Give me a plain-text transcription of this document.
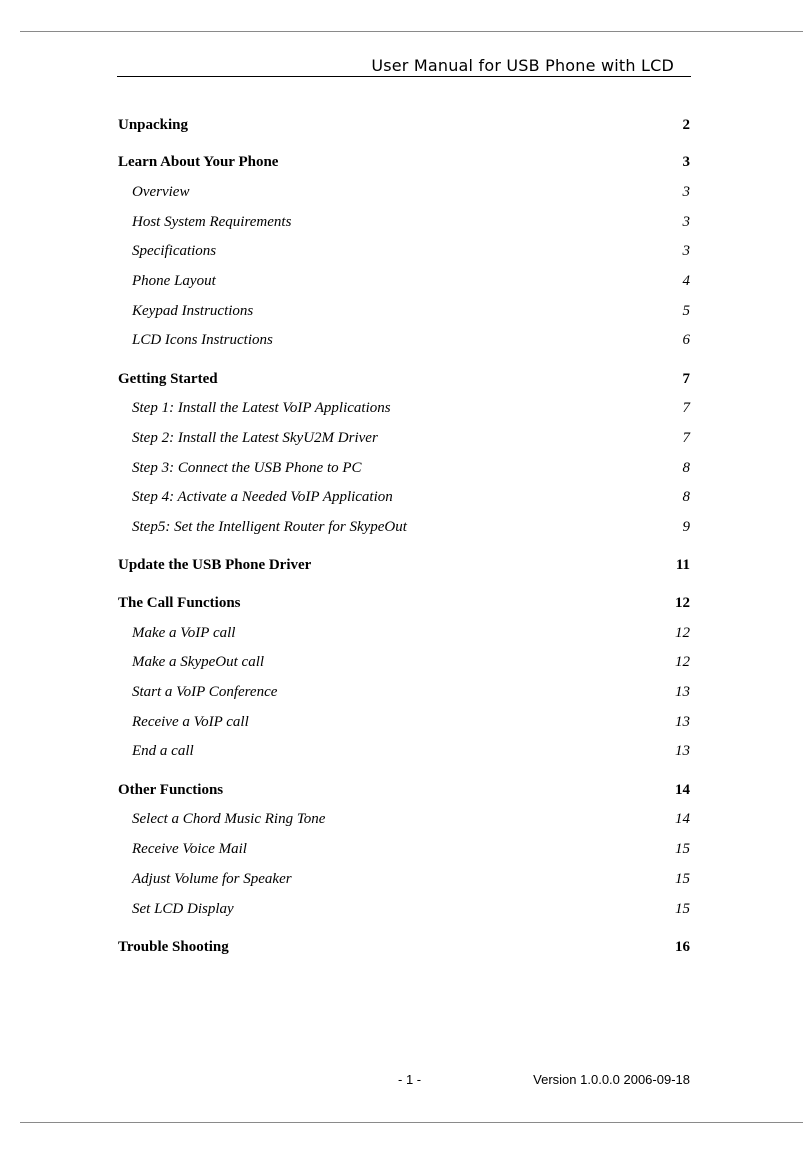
User Manual for USB Phone with LCD
Unpacking	2
Learn About Your Phone	3
Overview	3
Host System Requirements	3
Specifications	3
Phone Layout	4
Keypad Instructions	5
LCD Icons Instructions	6
Getting Started	7
Step 1: Install the Latest VoIP Applications	7
Step 2: Install the Latest SkyU2M Driver	7
Step 3: Connect the USB Phone to PC	8
Step 4: Activate a Needed VoIP Application	8
Step5: Set the Intelligent Router for SkypeOut	9
Update the USB Phone Driver	11
The Call Functions	12
Make a VoIP call	12
Make a SkypeOut call	12
Start a VoIP Conference	13
Receive a VoIP call	13
End a call	13
Other Functions	14
Select a Chord Music Ring Tone	14
Receive Voice Mail	15
Adjust Volume for Speaker	15
Set LCD Display	15
Trouble Shooting	16
- 1 -	Version 1.0.0.0 2006-09-18
